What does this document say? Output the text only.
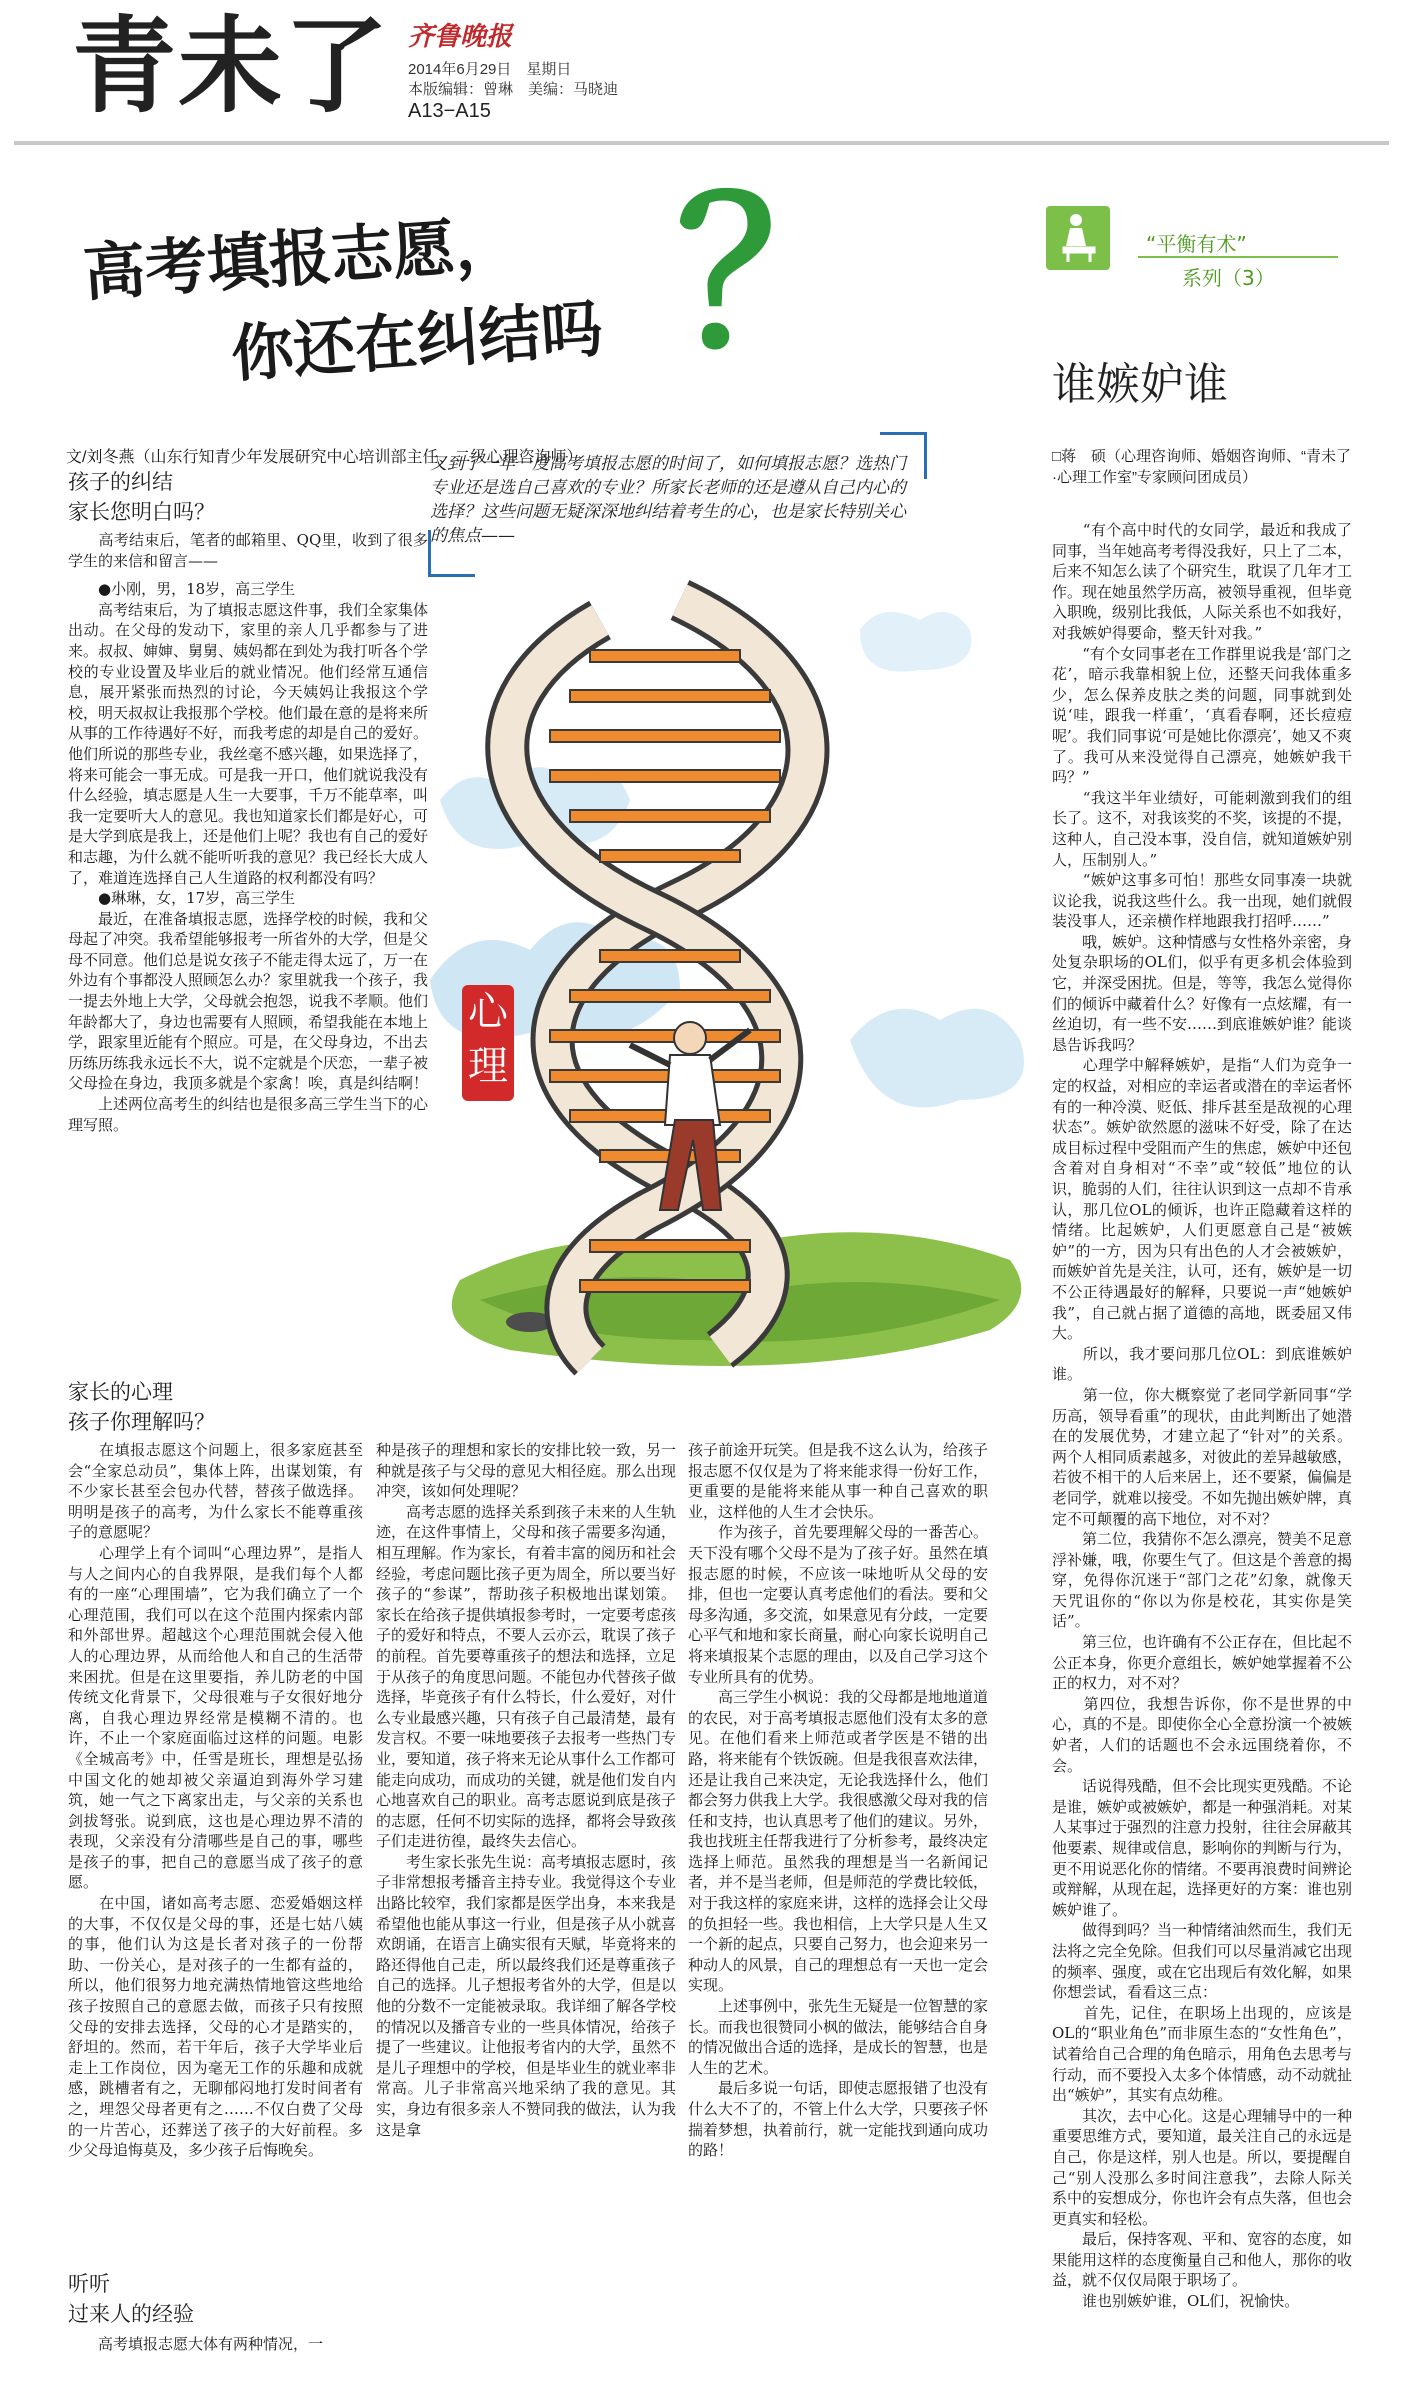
青未了 齐鲁晚报
2014年6月29日　星期日
本版编辑：曾琳　美编：马晓迪
A13−A15
高考填报志愿，
你还在纠结吗 ？
文/刘冬燕（山东行知青少年发展研究中心培训部主任、二级心理咨询师）
又到了一年一度高考填报志愿的时间了，如何填报志愿？选热门专业还是选自己喜欢的专业？所家长老师的还是遵从自己内心的选择？这些问题无疑深深地纠结着考生的心，也是家长特别关心的焦点——
心理
孩子的纠结
家长您明白吗？

　　高考结束后，笔者的邮箱里、QQ里，收到了很多学生的来信和留言——

　　●小刚，男，18岁，高三学生
　　高考结束后，为了填报志愿这件事，我们全家集体出动。在父母的发动下，家里的亲人几乎都参与了进来。叔叔、婶婶、舅舅、姨妈都在到处为我打听各个学校的专业设置及毕业后的就业情况。他们经常互通信息，展开紧张而热烈的讨论，今天姨妈让我报这个学校，明天叔叔让我报那个学校。他们最在意的是将来所从事的工作待遇好不好，而我考虑的却是自己的爱好。他们所说的那些专业，我丝毫不感兴趣，如果选择了，将来可能会一事无成。可是我一开口，他们就说我没有什么经验，填志愿是人生一大要事，千万不能草率，叫我一定要听大人的意见。我也知道家长们都是好心，可是大学到底是我上，还是他们上呢？我也有自己的爱好和志趣，为什么就不能听听我的意见？我已经长大成人了，难道连选择自己人生道路的权利都没有吗？

　　●琳琳，女，17岁，高三学生
　　最近，在准备填报志愿，选择学校的时候，我和父母起了冲突。我希望能够报考一所省外的大学，但是父母不同意。他们总是说女孩子不能走得太远了，万一在外边有个事都没人照顾怎么办？家里就我一个孩子，我一提去外地上大学，父母就会抱怨，说我不孝顺。他们年龄都大了，身边也需要有人照顾，希望我能在本地上学，跟家里近能有个照应。可是，在父母身边，不出去历练历练我永远长不大，说不定就是个厌恋，一辈子被父母捡在身边，我顶多就是个家禽！唉，真是纠结啊！
　　上述两位高考生的纠结也是很多高三学生当下的心理写照。

家长的心理
孩子你理解吗？

　　在填报志愿这个问题上，很多家庭甚至会“全家总动员”，集体上阵，出谋划策，有不少家长甚至会包办代替，替孩子做选择。明明是孩子的高考，为什么家长不能尊重孩子的意愿呢？
　　心理学上有个词叫“心理边界”，是指人与人之间内心的自我界限，是我们每个人都有的一座“心理围墙”，它为我们确立了一个心理范围，我们可以在这个范围内探索内部和外部世界。超越这个心理范围就会侵入他人的心理边界，从而给他人和自己的生活带来困扰。但是在这里要指，养儿防老的中国传统文化背景下，父母很难与子女很好地分离，自我心理边界经常是模糊不清的。也许，不止一个家庭面临过这样的问题。电影《全城高考》中，任雪是班长，理想是弘扬中国文化的她却被父亲逼迫到海外学习建筑，她一气之下离家出走，与父亲的关系也剑拔弩张。说到底，这也是心理边界不清的表现，父亲没有分清哪些是自己的事，哪些是孩子的事，把自己的意愿当成了孩子的意愿。
　　在中国，诸如高考志愿、恋爱婚姻这样的大事，不仅仅是父母的事，还是七姑八姨的事，他们认为这是长者对孩子的一份帮助、一份关心，是对孩子的一生都有益的，所以，他们很努力地充满热情地管这些地给孩子按照自己的意愿去做，而孩子只有按照父母的安排去选择，父母的心才是踏实的，舒坦的。然而，若干年后，孩子大学毕业后走上工作岗位，因为毫无工作的乐趣和成就感，跳槽者有之，无聊郁闷地打发时间者有之，埋怨父母者更有之……不仅白费了父母的一片苦心，还葬送了孩子的大好前程。多少父母追悔莫及，多少孩子后悔晚矣。

听听
过来人的经验

　　高考填报志愿大体有两种情况，一

种是孩子的理想和家长的安排比较一致，另一种就是孩子与父母的意见大相径庭。那么出现冲突，该如何处理呢？
　　高考志愿的选择关系到孩子未来的人生轨迹，在这件事情上，父母和孩子需要多沟通，相互理解。作为家长，有着丰富的阅历和社会经验，考虑问题比孩子更为周全，所以要当好孩子的“参谋”，帮助孩子积极地出谋划策。家长在给孩子提供填报参考时，一定要考虑孩子的爱好和特点，不要人云亦云，耽误了孩子的前程。首先要尊重孩子的想法和选择，立足于从孩子的角度思问题。不能包办代替孩子做选择，毕竟孩子有什么特长，什么爱好，对什么专业最感兴趣，只有孩子自己最清楚，最有发言权。不要一味地要孩子去报考一些热门专业，要知道，孩子将来无论从事什么工作都可能走向成功，而成功的关键，就是他们发自内心地喜欢自己的职业。高考志愿说到底是孩子的志愿，任何不切实际的选择，都将会导致孩子们走进彷徨，最终失去信心。
　　考生家长张先生说：高考填报志愿时，孩子非常想报考播音主持专业。我觉得这个专业出路比较窄，我们家都是医学出身，本来我是希望他也能从事这一行业，但是孩子从小就喜欢朗诵，在语言上确实很有天赋，毕竟将来的路还得他自己走，所以最终我们还是尊重孩子自己的选择。儿子想报考省外的大学，但是以他的分数不一定能被录取。我详细了解各学校的情况以及播音专业的一些具体情况，给孩子提了一些建议。让他报考省内的大学，虽然不是儿子理想中的学校，但是毕业生的就业率非常高。儿子非常高兴地采纳了我的意见。其实，身边有很多亲人不赞同我的做法，认为我这是拿

孩子前途开玩笑。但是我不这么认为，给孩子报志愿不仅仅是为了将来能求得一份好工作，更重要的是能将来能从事一种自己喜欢的职业，这样他的人生才会快乐。
　　作为孩子，首先要理解父母的一番苦心。天下没有哪个父母不是为了孩子好。虽然在填报志愿的时候，不应该一味地听从父母的安排，但也一定要认真考虑他们的看法。要和父母多沟通，多交流，如果意见有分歧，一定要心平气和地和家长商量，耐心向家长说明自己将来填报某个志愿的理由，以及自己学习这个专业所具有的优势。
　　高三学生小枫说：我的父母都是地地道道的农民，对于高考填报志愿他们没有太多的意见。在他们看来上师范或者学医是不错的出路，将来能有个铁饭碗。但是我很喜欢法律，还是让我自己来决定，无论我选择什么，他们都会努力供我上大学。我很感激父母对我的信任和支持，也认真思考了他们的建议。另外，我也找班主任帮我进行了分析参考，最终决定选择上师范。虽然我的理想是当一名新闻记者，并不是当老师，但是师范的学费比较低，对于我这样的家庭来讲，这样的选择会让父母的负担轻一些。我也相信，上大学只是人生又一个新的起点，只要自己努力，也会迎来另一种动人的风景，自己的理想总有一天也一定会实现。
　　上述事例中，张先生无疑是一位智慧的家长。而我也很赞同小枫的做法，能够结合自身的情况做出合适的选择，是成长的智慧，也是人生的艺术。
　　最后多说一句话，即使志愿报错了也没有什么大不了的，不管上什么大学，只要孩子怀揣着梦想，执着前行，就一定能找到通向成功的路！

“平衡有术”
系列（3）
谁嫉妒谁
□蒋　硕（心理咨询师、婚姻咨询师、“青未了·心理工作室”专家顾问团成员）

　　“有个高中时代的女同学，最近和我成了同事，当年她高考考得没我好，只上了二本，后来不知怎么读了个研究生，耽误了几年才工作。现在她虽然学历高，被领导重视，但毕竟入职晚，级别比我低，人际关系也不如我好，对我嫉妒得要命，整天针对我。”
　　“有个女同事老在工作群里说我是‘部门之花’，暗示我靠相貌上位，还整天问我体重多少，怎么保养皮肤之类的问题，同事就到处说‘哇，跟我一样重’，‘真看春啊，还长痘痘呢’。我们同事说‘可是她比你漂亮’，她又不爽了。我可从来没觉得自己漂亮，她嫉妒我干吗？”
　　“我这半年业绩好，可能刺激到我们的组长了。这不，对我该奖的不奖，该提的不提，这种人，自己没本事，没自信，就知道嫉妒别人，压制别人。”
　　“嫉妒这事多可怕！那些女同事凑一块就议论我，说我这些什么。我一出现，她们就假装没事人，还亲横作样地跟我打招呼……”
　　哦，嫉妒。这种情感与女性格外亲密，身处复杂职场的OL们，似乎有更多机会体验到它，并深受困扰。但是，等等，我怎么觉得你们的倾诉中藏着什么？好像有一点炫耀，有一丝迫切，有一些不安……到底谁嫉妒谁？能谈恳告诉我吗？
　　心理学中解释嫉妒，是指“人们为竞争一定的权益，对相应的幸运者或潜在的幸运者怀有的一种冷漠、贬低、排斥甚至是敌视的心理状态”。嫉妒欲然愿的滋味不好受，除了在达成目标过程中受阻而产生的焦虑，嫉妒中还包含着对自身相对“不幸”或“较低”地位的认识，脆弱的人们，往往认识到这一点却不肯承认，那几位OL的倾诉，也许正隐藏着这样的情绪。比起嫉妒，人们更愿意自己是“被嫉妒”的一方，因为只有出色的人才会被嫉妒，而嫉妒首先是关注，认可，还有，嫉妒是一切不公正待遇最好的解释，只要说一声“她嫉妒我”，自己就占据了道德的高地，既委屈又伟大。
　　所以，我才要问那几位OL：到底谁嫉妒谁。
　　第一位，你大概察觉了老同学新同事“学历高，领导看重”的现状，由此判断出了她潜在的发展优势，才建立起了“针对”的关系。两个人相同质素越多，对彼此的差异越敏感，若彼不相干的人后来居上，还不要紧，偏偏是老同学，就难以接受。不如先抛出嫉妒牌，真定不可颠覆的高下地位，对不对？
　　第二位，我猜你不怎么漂亮，赞美不足意浮补嫌，哦，你要生气了。但这是个善意的揭穿，免得你沉迷于“部门之花”幻象，就像天天咒诅你的“你以为你是校花，其实你是笑话”。
　　第三位，也许确有不公正存在，但比起不公正本身，你更介意组长，嫉妒她掌握着不公正的权力，对不对？
　　第四位，我想告诉你，你不是世界的中心，真的不是。即使你全心全意扮演一个被嫉妒者，人们的话题也不会永远围绕着你，不会。
　　话说得残酷，但不会比现实更残酷。不论是谁，嫉妒或被嫉妒，都是一种强消耗。对某人某事过于强烈的注意力投射，往往会屏蔽其他要素、规律或信息，影响你的判断与行为，更不用说恶化你的情绪。不要再浪费时间辨论或辩解，从现在起，选择更好的方案：谁也别嫉妒谁了。
　　做得到吗？当一种情绪油然而生，我们无法将之完全免除。但我们可以尽量消减它出现的频率、强度，或在它出现后有效化解，如果你想尝试，看看这三点：
　　首先，记住，在职场上出现的，应该是OL的“职业角色”而非原生态的“女性角色”，试着给自己合理的角色暗示，用角色去思考与行动，而不要投入太多个体情感，动不动就扯出“嫉妒”，其实有点幼稚。
　　其次，去中心化。这是心理辅导中的一种重要思维方式，要知道，最关注自己的永远是自己，你是这样，别人也是。所以，要提醒自己“别人没那么多时间注意我”，去除人际关系中的妄想成分，你也许会有点失落，但也会更真实和轻松。
　　最后，保持客观、平和、宽容的态度，如果能用这样的态度衡量自己和他人，那你的收益，就不仅仅局限于职场了。
　　谁也别嫉妒谁，OL们，祝愉快。
